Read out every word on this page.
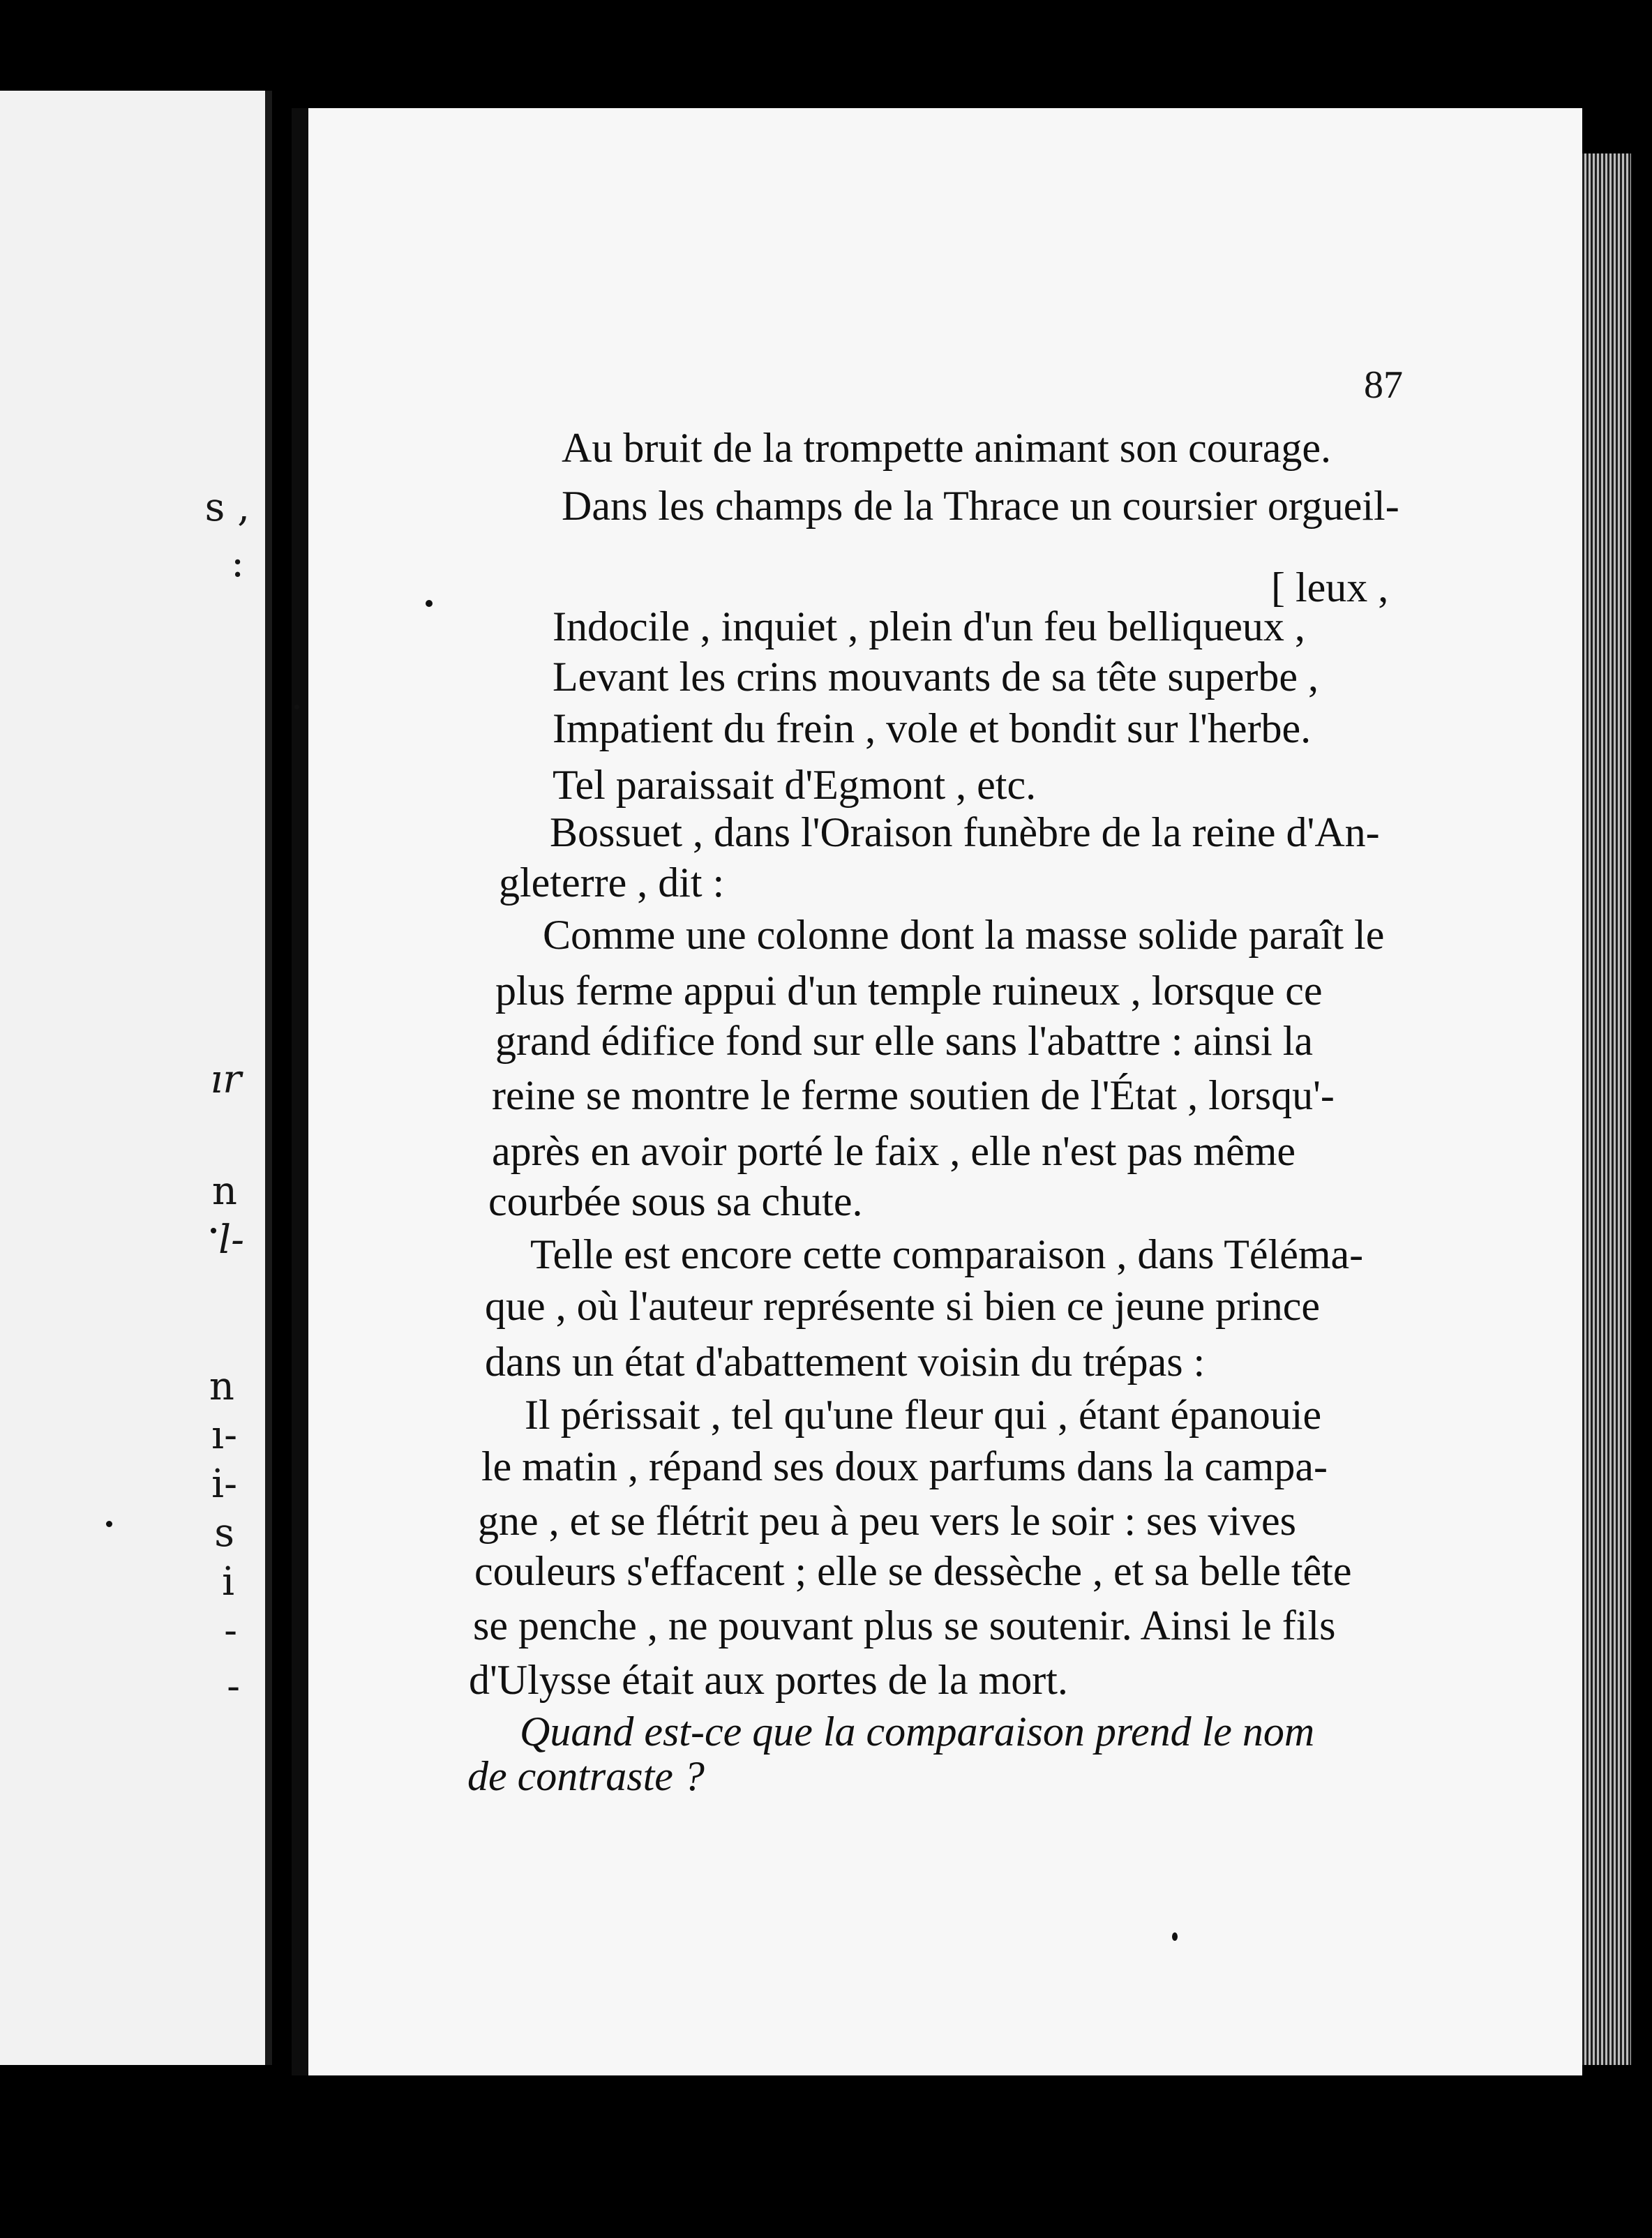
s ,
:
ır
n
l-
n
ı-
i-
s
i
-
-
87
Au bruit de la trompette animant son courage.
Dans les champs de la Thrace un coursier orgueil-
[ leux ,
Indocile , inquiet , plein d'un feu belliqueux ,
Levant les crins mouvants de sa tête superbe ,
Impatient du frein , vole et bondit sur l'herbe.
Tel paraissait d'Egmont , etc.
Bossuet , dans l'Oraison funèbre de la reine d'An-
gleterre , dit :
Comme une colonne dont la masse solide paraît le
plus ferme appui d'un temple ruineux , lorsque ce
grand édifice fond sur elle sans l'abattre : ainsi la
reine se montre le ferme soutien de l'État , lorsqu'-
après en avoir porté le faix , elle n'est pas même
courbée sous sa chute.
Telle est encore cette comparaison , dans Téléma-
que , où l'auteur représente si bien ce jeune prince
dans un état d'abattement voisin du trépas :
Il périssait , tel qu'une fleur qui , étant épanouie
le matin , répand ses doux parfums dans la campa-
gne , et se flétrit peu à peu vers le soir : ses vives
couleurs s'effacent ; elle se dessèche , et sa belle tête
se penche , ne pouvant plus se soutenir. Ainsi le fils
d'Ulysse était aux portes de la mort.
Quand est-ce que la comparaison prend le nom
de contraste ?
